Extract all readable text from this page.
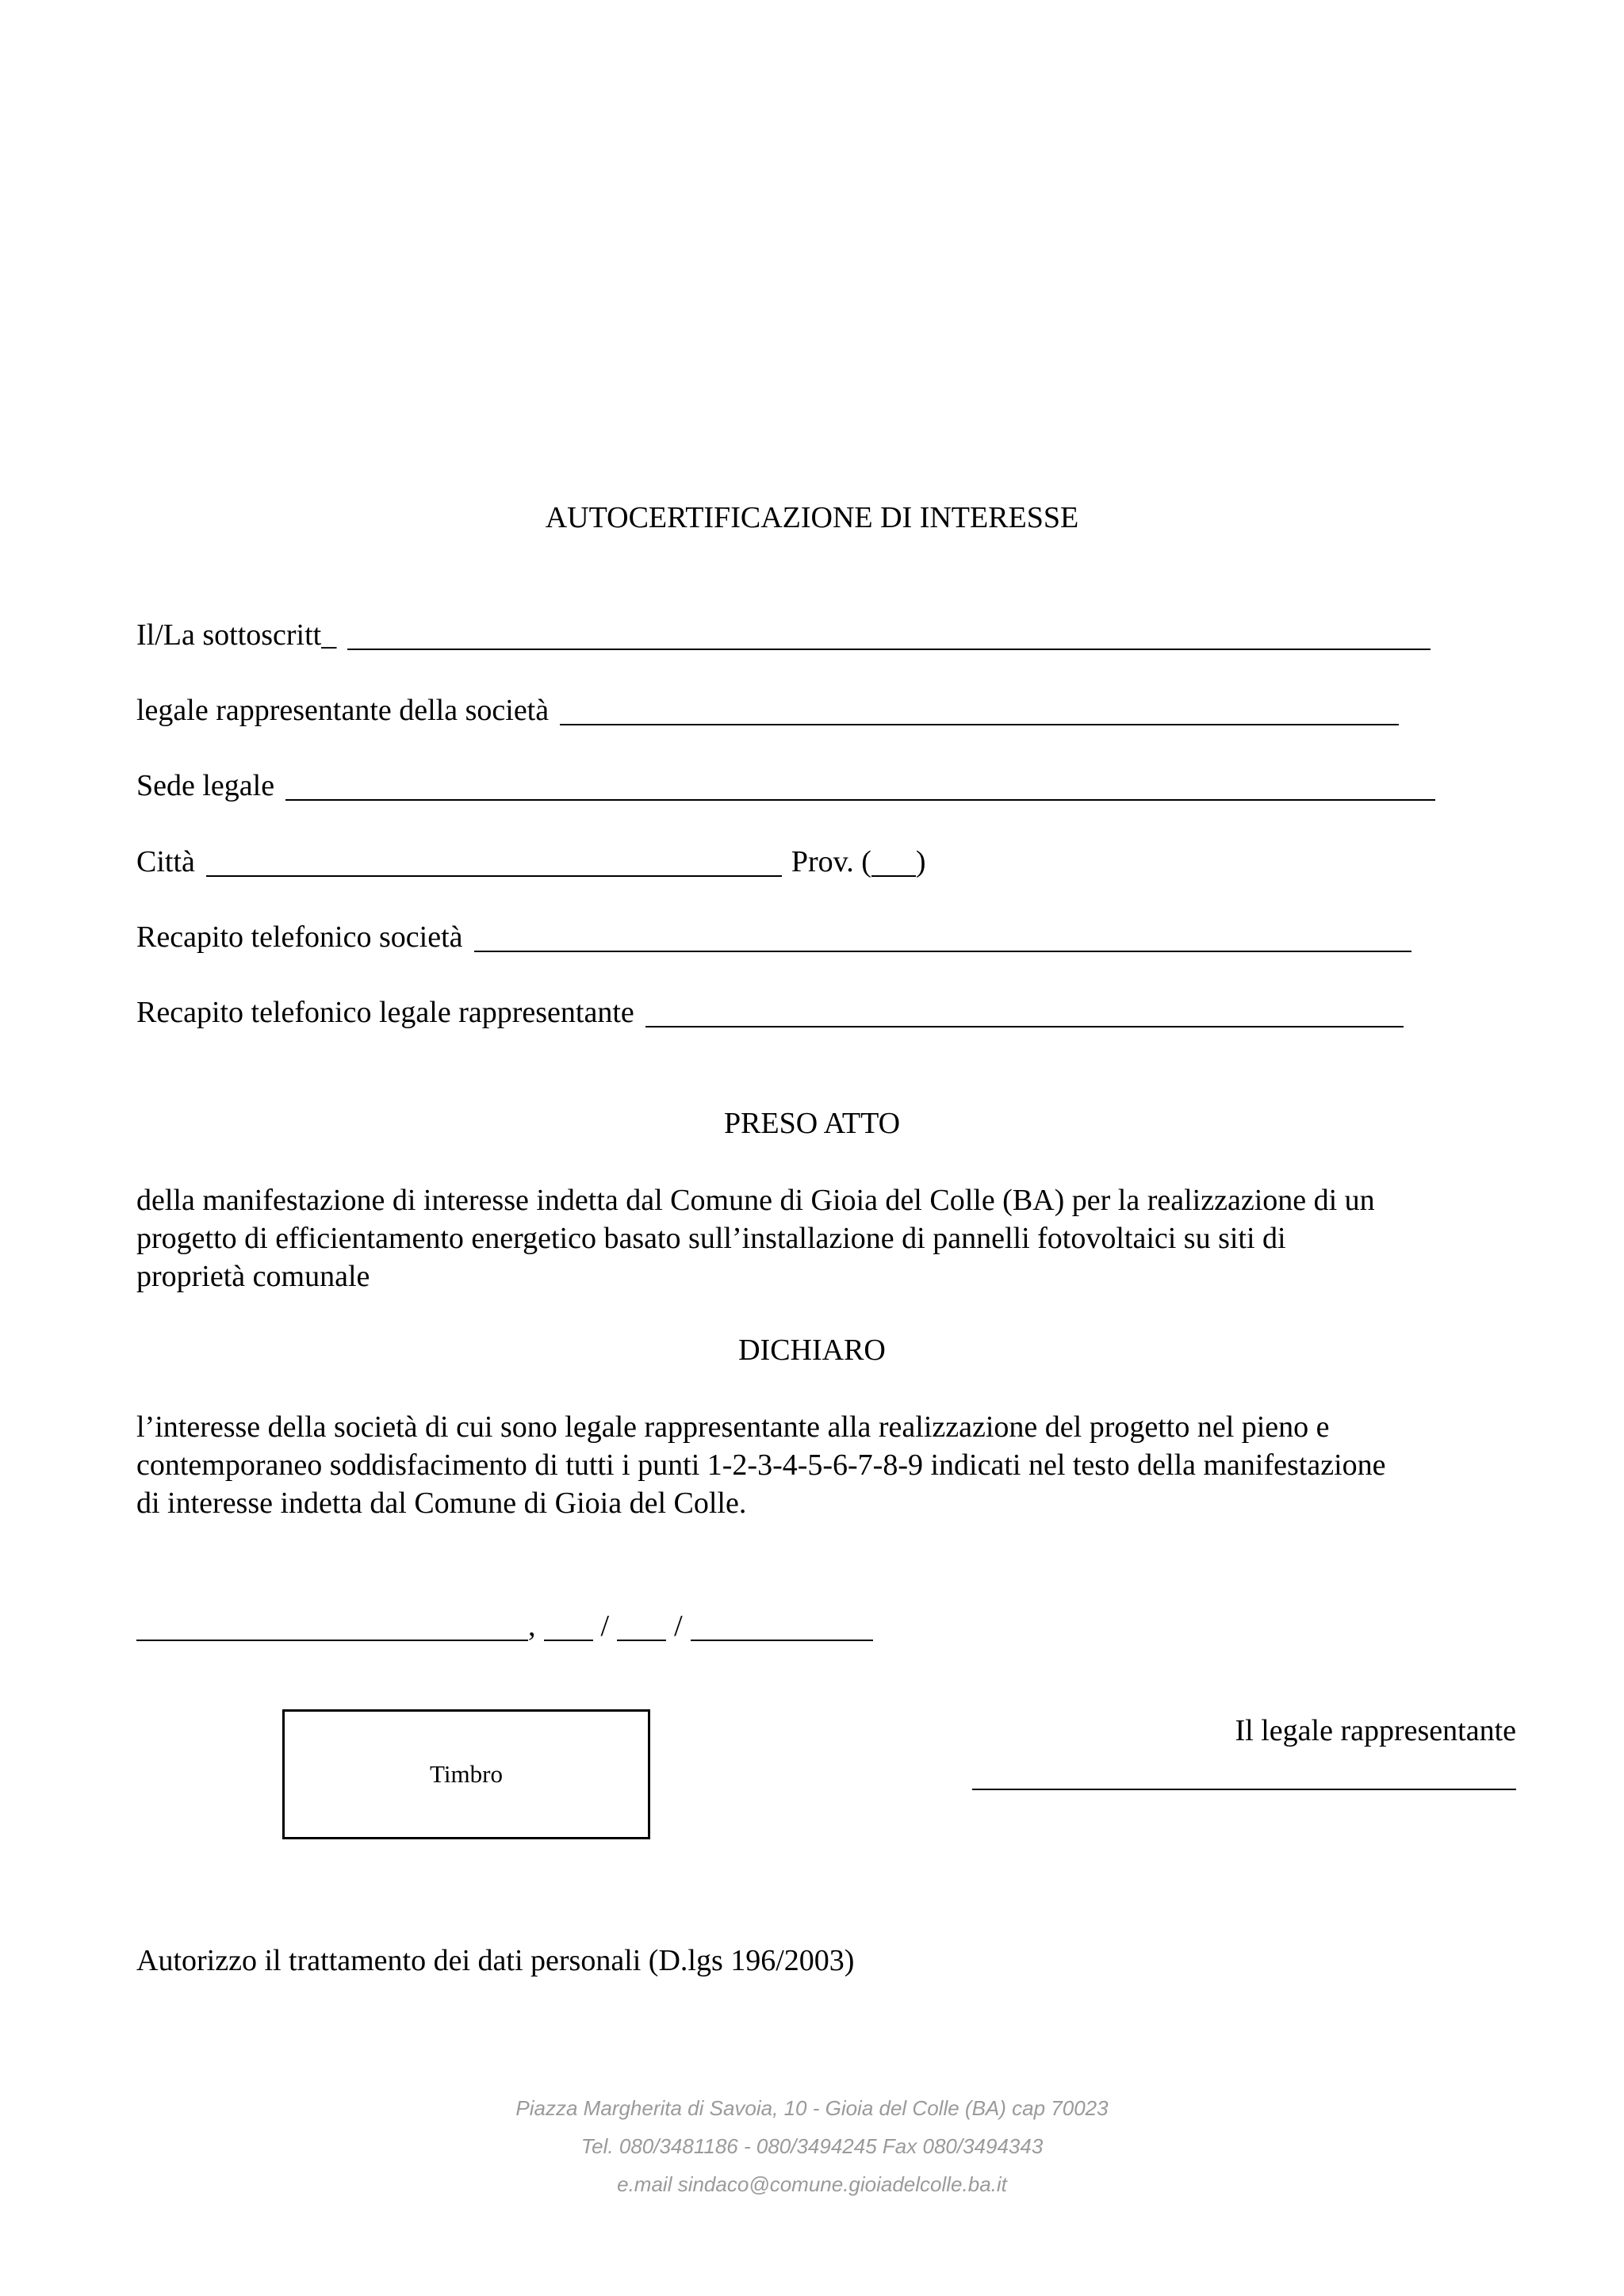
AUTOCERTIFICAZIONE DI INTERESSE
Il/La sottoscritt_
legale rappresentante della società
Sede legale
Città	Prov. ( )
Recapito telefonico società
Recapito telefonico legale rappresentante
PRESO ATTO
della manifestazione di interesse indetta dal Comune di Gioia del Colle (BA) per la realizzazione di un
progetto di efficientamento energetico basato sull’installazione di pannelli fotovoltaici su siti di
proprietà comunale
DICHIARO
l’interesse della società di cui sono legale rappresentante alla realizzazione del progetto nel pieno e
contemporaneo soddisfacimento di tutti i punti 1-2-3-4-5-6-7-8-9 indicati nel testo della manifestazione
di interesse indetta dal Comune di Gioia del Colle.
, / /
Timbro
Il legale rappresentante
Autorizzo il trattamento dei dati personali (D.lgs 196/2003)
Piazza Margherita di Savoia, 10 - Gioia del Colle (BA) cap 70023
Tel. 080/3481186 - 080/3494245 Fax 080/3494343
e.mail sindaco@comune.gioiadelcolle.ba.it
